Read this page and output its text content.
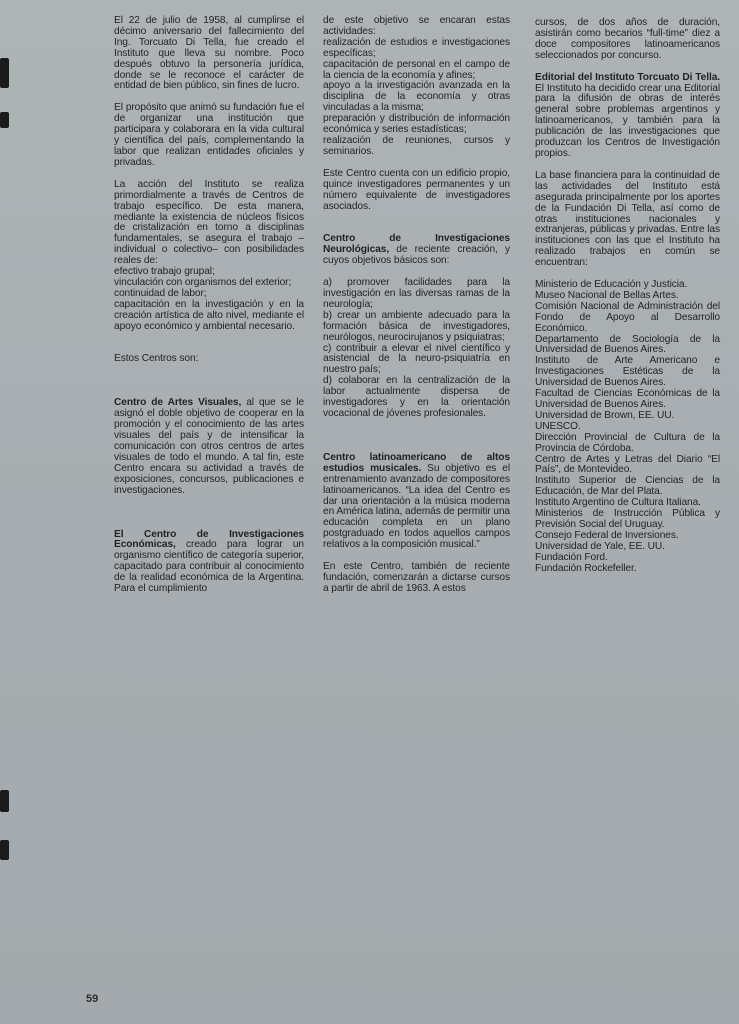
El 22 de julio de 1958, al cumplirse el décimo aniversario del fallecimiento del Ing. Torcuato Di Tella, fue creado el Instituto que lleva su nombre. Poco después obtuvo la personería jurídica, donde se le reconoce el carácter de entidad de bien público, sin fines de lucro.

El propósito que animó su fundación fue el de organizar una institución que participara y colaborara en la vida cultural y científica del país, complementando la labor que realizan entidades oficiales y privadas.

La acción del Instituto se realiza primordialmente a través de Centros de trabajo específico. De esta manera, mediante la existencia de núcleos físicos de cristalización en torno a disciplinas fundamentales, se asegura el trabajo –individual o colectivo– con posibilidades reales de:

efectivo trabajo grupal;
vinculación con organismos del exterior;
continuidad de labor;
capacitación en la investigación y en la creación artística de alto nivel, mediante el apoyo económico y ambiental necesario.

Estos Centros son:

Centro de Artes Visuales, al que se le asignó el doble objetivo de cooperar en la promoción y el conocimiento de las artes visuales del país y de intensificar la comunicación con otros centros de artes visuales de todo el mundo. A tal fin, este Centro encara su actividad a través de exposiciones, concursos, publicaciones e investigaciones.

El Centro de Investigaciones Económicas, creado para lograr un organismo científico de categoría superior, capacitado para contribuir al conocimiento de la realidad económica de la Argentina. Para el cumplimiento

de este objetivo se encaran estas actividades:

realización de estudios e investigaciones específicas;
capacitación de personal en el campo de la ciencia de la economía y afines;
apoyo a la investigación avanzada en la disciplina de la economía y otras vinculadas a la misma;
preparación y distribución de información económica y series estadísticas;
realización de reuniones, cursos y seminarios.

Este Centro cuenta con un edificio propio, quince investigadores permanentes y un número equivalente de investigadores asociados.

Centro de Investigaciones Neurológicas, de reciente creación, y cuyos objetivos básicos son:

a) promover facilidades para la investigación en las diversas ramas de la neurología;
b) crear un ambiente adecuado para la formación básica de investigadores, neurólogos, neurocirujanos y psiquiatras;
c) contribuir a elevar el nivel científico y asistencial de la neuro-psiquiatría en nuestro país;
d) colaborar en la centralización de la labor actualmente dispersa de investigadores y en la orientación vocacional de jóvenes profesionales.

Centro latinoamericano de altos estudios musicales. Su objetivo es el entrenamiento avanzado de compositores latinoamericanos. “La idea del Centro es dar una orientación a la música moderna en América latina, además de permitir una educación completa en un plano postgraduado en todos aquellos campos relativos a la composición musical.”

En este Centro, también de reciente fundación, comenzarán a dictarse cursos a partir de abril de 1963. A estos

cursos, de dos años de duración, asistirán como becarios “full-time” diez a doce compositores latinoamericanos seleccionados por concurso.

Editorial del Instituto Torcuato Di Tella. El Instituto ha decidido crear una Editorial para la difusión de obras de interés general sobre problemas argentinos y latinoamericanos, y también para la publicación de las investigaciones que produzcan los Centros de Investigación propios.

La base financiera para la continuidad de las actividades del Instituto está asegurada principalmente por los aportes de la Fundación Di Tella, así como de otras instituciones nacionales y extranjeras, públicas y privadas. Entre las instituciones con las que el Instituto ha realizado trabajos en común se encuentran:

Ministerio de Educación y Justicia.
Museo Nacional de Bellas Artes.
Comisión Nacional de Administración del Fondo de Apoyo al Desarrollo Económico.
Departamento de Sociología de la Universidad de Buenos Aires.
Instituto de Arte Americano e Investigaciones Estéticas de la Universidad de Buenos Aires.
Facultad de Ciencias Económicas de la Universidad de Buenos Aires.
Universidad de Brown, EE. UU.
UNESCO.
Dirección Provincial de Cultura de la Provincia de Córdoba.
Centro de Artes y Letras del Diario “El País”, de Montevideo.
Instituto Superior de Ciencias de la Educación, de Mar del Plata.
Instituto Argentino de Cultura Italiana.
Ministerios de Instrucción Pública y Previsión Social del Uruguay.
Consejo Federal de Inversiones.
Universidad de Yale, EE. UU.
Fundación Ford.
Fundación Rockefeller.
59
